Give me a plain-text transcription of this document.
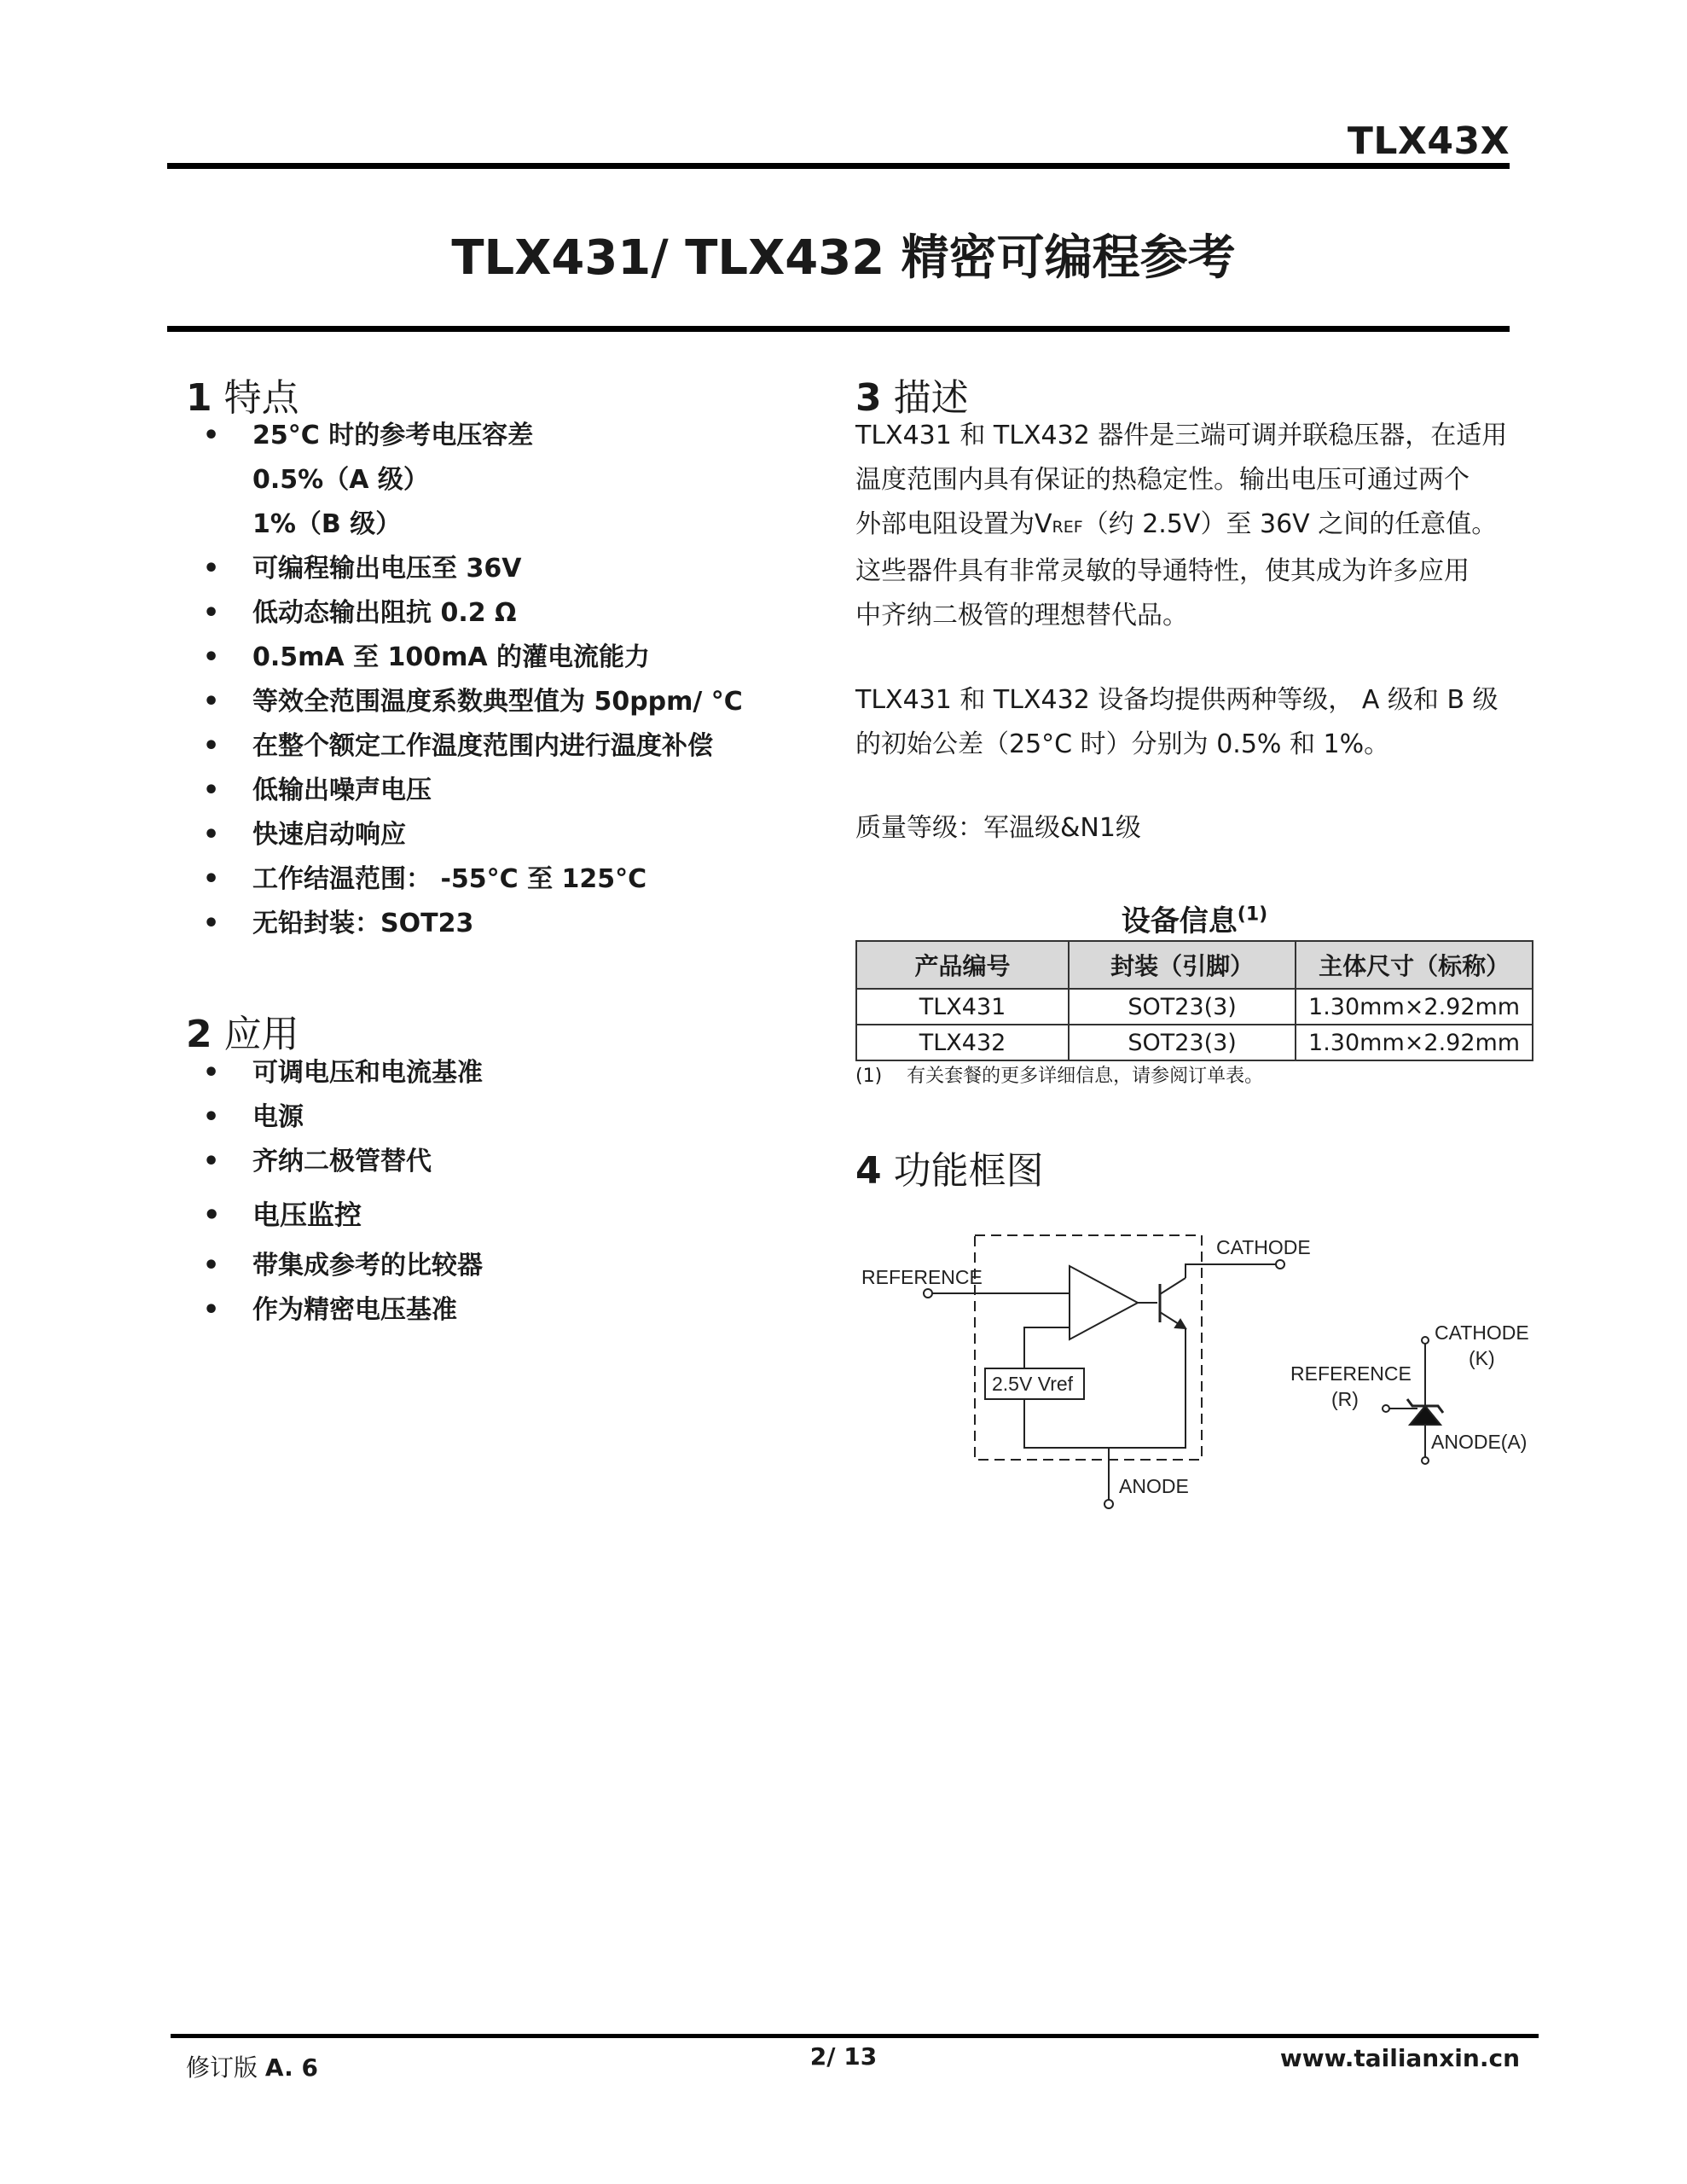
TLX43X
TLX431/ TLX432 精密可编程参考
1 特点
• 25°C 时的参考电压容差
0.5%（A 级）
1%（B 级）
• 可编程输出电压至 36V
• 低动态输出阻抗 0.2 Ω
• 0.5mA 至 100mA 的灌电流能力
• 等效全范围温度系数典型值为 50ppm/ °C
• 在整个额定工作温度范围内进行温度补偿
• 低输出噪声电压
• 快速启动响应
• 工作结温范围： -55°C 至 125°C
• 无铅封装：SOT23
2 应用
• 可调电压和电流基准
• 电源
• 齐纳二极管替代
• 电压监控
• 带集成参考的比较器
• 作为精密电压基准
3 描述
TLX431 和 TLX432 器件是三端可调并联稳压器，在适用
温度范围内具有保证的热稳定性。输出电压可通过两个
外部电阻设置为VREF（约 2.5V）至 36V 之间的任意值。
这些器件具有非常灵敏的导通特性，使其成为许多应用
中齐纳二极管的理想替代品。
TLX431 和 TLX432 设备均提供两种等级， A 级和 B 级
的初始公差（25°C 时）分别为 0.5% 和 1%。
质量等级：军温级&N1级
设备信息$^{(1)}$
产品编号	封装（引脚）	主体尺寸（标称）
TLX431	SOT23(3)	1.30mm×2.92mm
TLX432	SOT23(3)	1.30mm×2.92mm
(1) 有关套餐的更多详细信息，请参阅订单表。
4 功能框图
REFERENCE
CATHODE
2.5V Vref
ANODE
CATHODE
(K)
REFERENCE
(R)
ANODE(A)
修订版 A. 6	2/ 13	www.tailianxin.cn
